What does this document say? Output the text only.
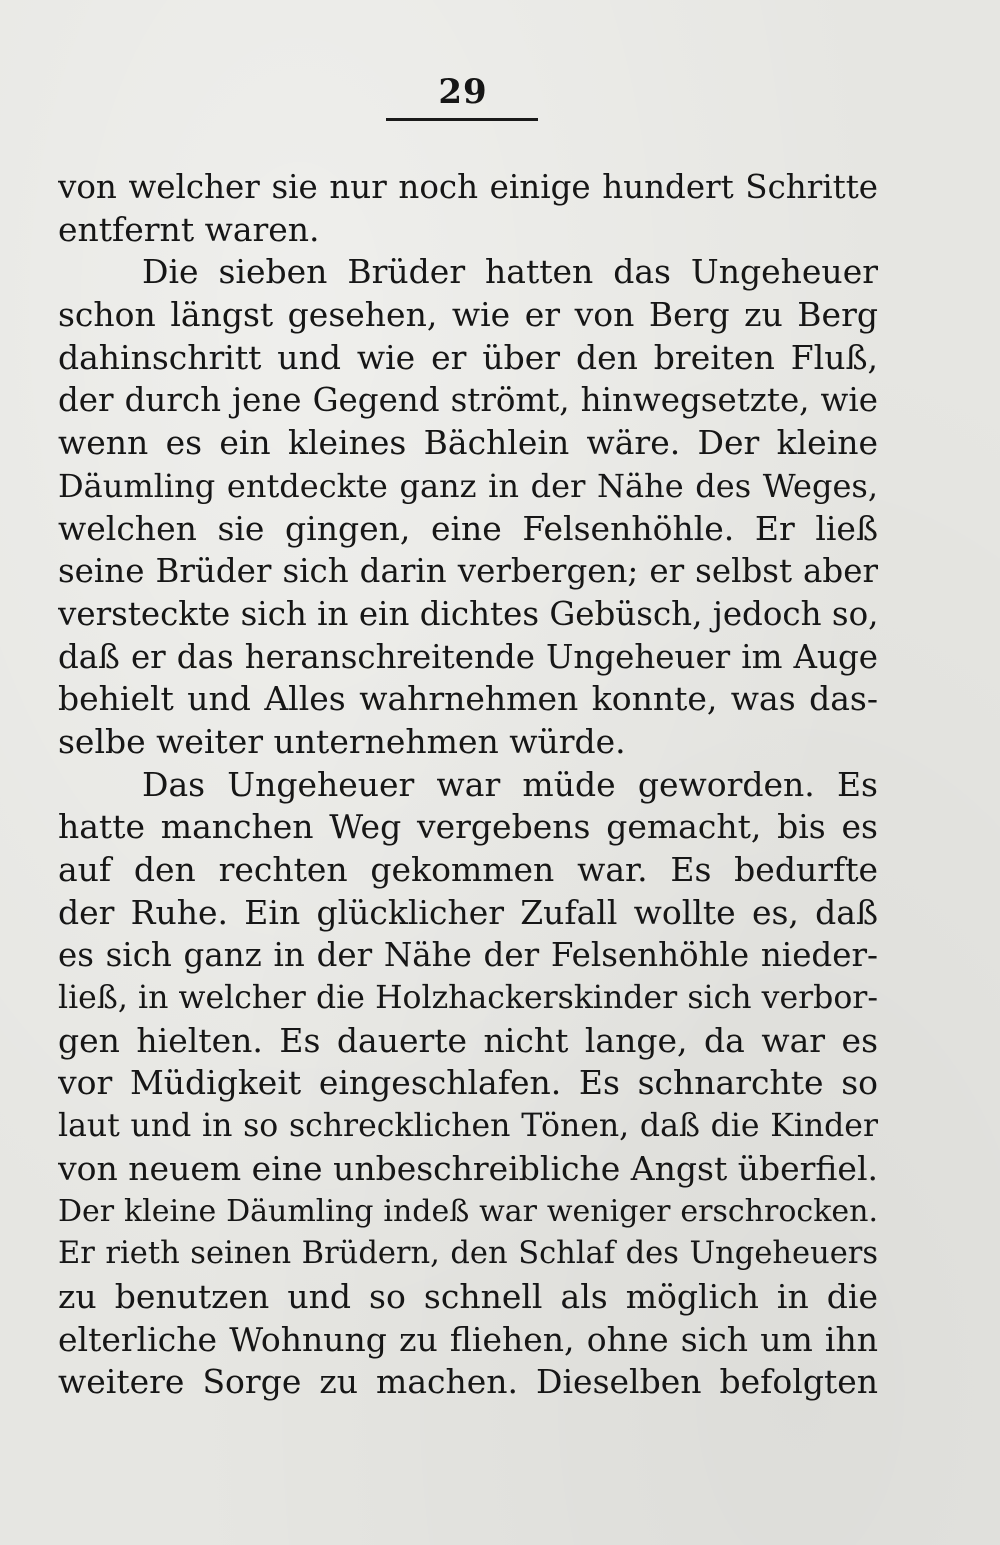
29
von welcher sie nur noch einige hundert Schritte
entfernt waren.
Die sieben Brüder hatten das Ungeheuer
schon längst gesehen, wie er von Berg zu Berg
dahinschritt und wie er über den breiten Fluß,
der durch jene Gegend strömt, hinwegsetzte, wie
wenn es ein kleines Bächlein wäre. Der kleine
Däumling entdeckte ganz in der Nähe des Weges,
welchen sie gingen, eine Felsenhöhle. Er ließ
seine Brüder sich darin verbergen; er selbst aber
versteckte sich in ein dichtes Gebüsch, jedoch so,
daß er das heranschreitende Ungeheuer im Auge
behielt und Alles wahrnehmen konnte, was das-
selbe weiter unternehmen würde.
Das Ungeheuer war müde geworden. Es
hatte manchen Weg vergebens gemacht, bis es
auf den rechten gekommen war. Es bedurfte
der Ruhe. Ein glücklicher Zufall wollte es, daß
es sich ganz in der Nähe der Felsenhöhle nieder-
ließ, in welcher die Holzhackerskinder sich verbor-
gen hielten. Es dauerte nicht lange, da war es
vor Müdigkeit eingeschlafen. Es schnarchte so
laut und in so schrecklichen Tönen, daß die Kinder
von neuem eine unbeschreibliche Angst überfiel.
Der kleine Däumling indeß war weniger erschrocken.
Er rieth seinen Brüdern, den Schlaf des Ungeheuers
zu benutzen und so schnell als möglich in die
elterliche Wohnung zu fliehen, ohne sich um ihn
weitere Sorge zu machen. Dieselben befolgten
